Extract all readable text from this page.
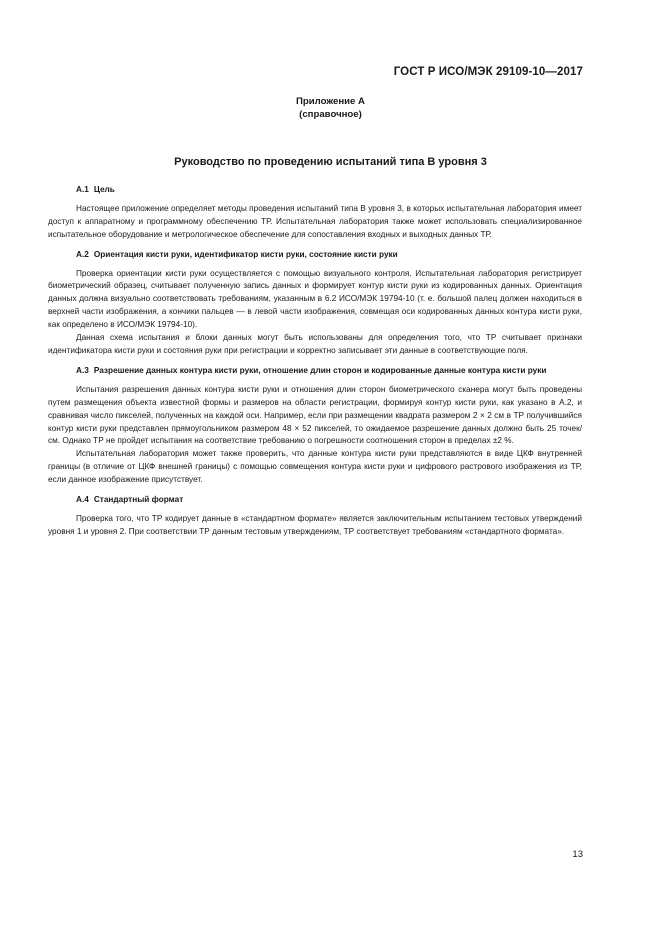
ГОСТ Р ИСО/МЭК 29109-10—2017
Приложение А
(справочное)
Руководство по проведению испытаний типа В уровня 3
A.1 Цель

Настоящее приложение определяет методы проведения испытаний типа В уровня 3, в которых испытательная лаборатория имеет доступ к аппаратному и программному обеспечению ТР. Испытательная лаборатория также может использовать специализированное испытательное оборудование и метрологическое обеспечение для сопоставления входных и выходных данных ТР.

A.2 Ориентация кисти руки, идентификатор кисти руки, состояние кисти руки

Проверка ориентации кисти руки осуществляется с помощью визуального контроля. Испытательная лаборатория регистрирует биометрический образец, считывает полученную запись данных и формирует контур кисти руки из кодированных данных. Ориентация данных должна визуально соответствовать требованиям, указанным в 6.2 ИСО/МЭК 19794-10 (т. е. большой палец должен находиться в верхней части изображения, а кончики пальцев — в левой части изображения, совмещая оси кодированных данных контура кисти руки, как определено в ИСО/МЭК 19794-10).

Данная схема испытания и блоки данных могут быть использованы для определения того, что ТР считывает признаки идентификатора кисти руки и состояния руки при регистрации и корректно записывает эти данные в соответствующие поля.

A.3 Разрешение данных контура кисти руки, отношение длин сторон и кодированные данные контура кисти руки

Испытания разрешения данных контура кисти руки и отношения длин сторон биометрического сканера могут быть проведены путем размещения объекта известной формы и размеров на области регистрации, формируя контур кисти руки, как указано в А.2, и сравнивая число пикселей, полученных на каждой оси. Например, если при размещении квадрата размером 2 × 2 см в ТР получившийся контур кисти руки представлен прямоугольником размером 48 × 52 пикселей, то ожидаемое разрешение данных должно быть 25 точек/см. Однако ТР не пройдет испытания на соответствие требованию о погрешности соотношения сторон в пределах ±2 %.

Испытательная лаборатория может также проверить, что данные контура кисти руки представляются в виде ЦКФ внутренней границы (в отличие от ЦКФ внешней границы) с помощью совмещения контура кисти руки и цифрового растрового изображения из ТР, если данное изображение присутствует.

A.4 Стандартный формат

Проверка того, что ТР кодирует данные в «стандартном формате» является заключительным испытанием тестовых утверждений уровня 1 и уровня 2. При соответствии ТР данным тестовым утверждениям, ТР соответствует требованиям «стандартного формата».

13
